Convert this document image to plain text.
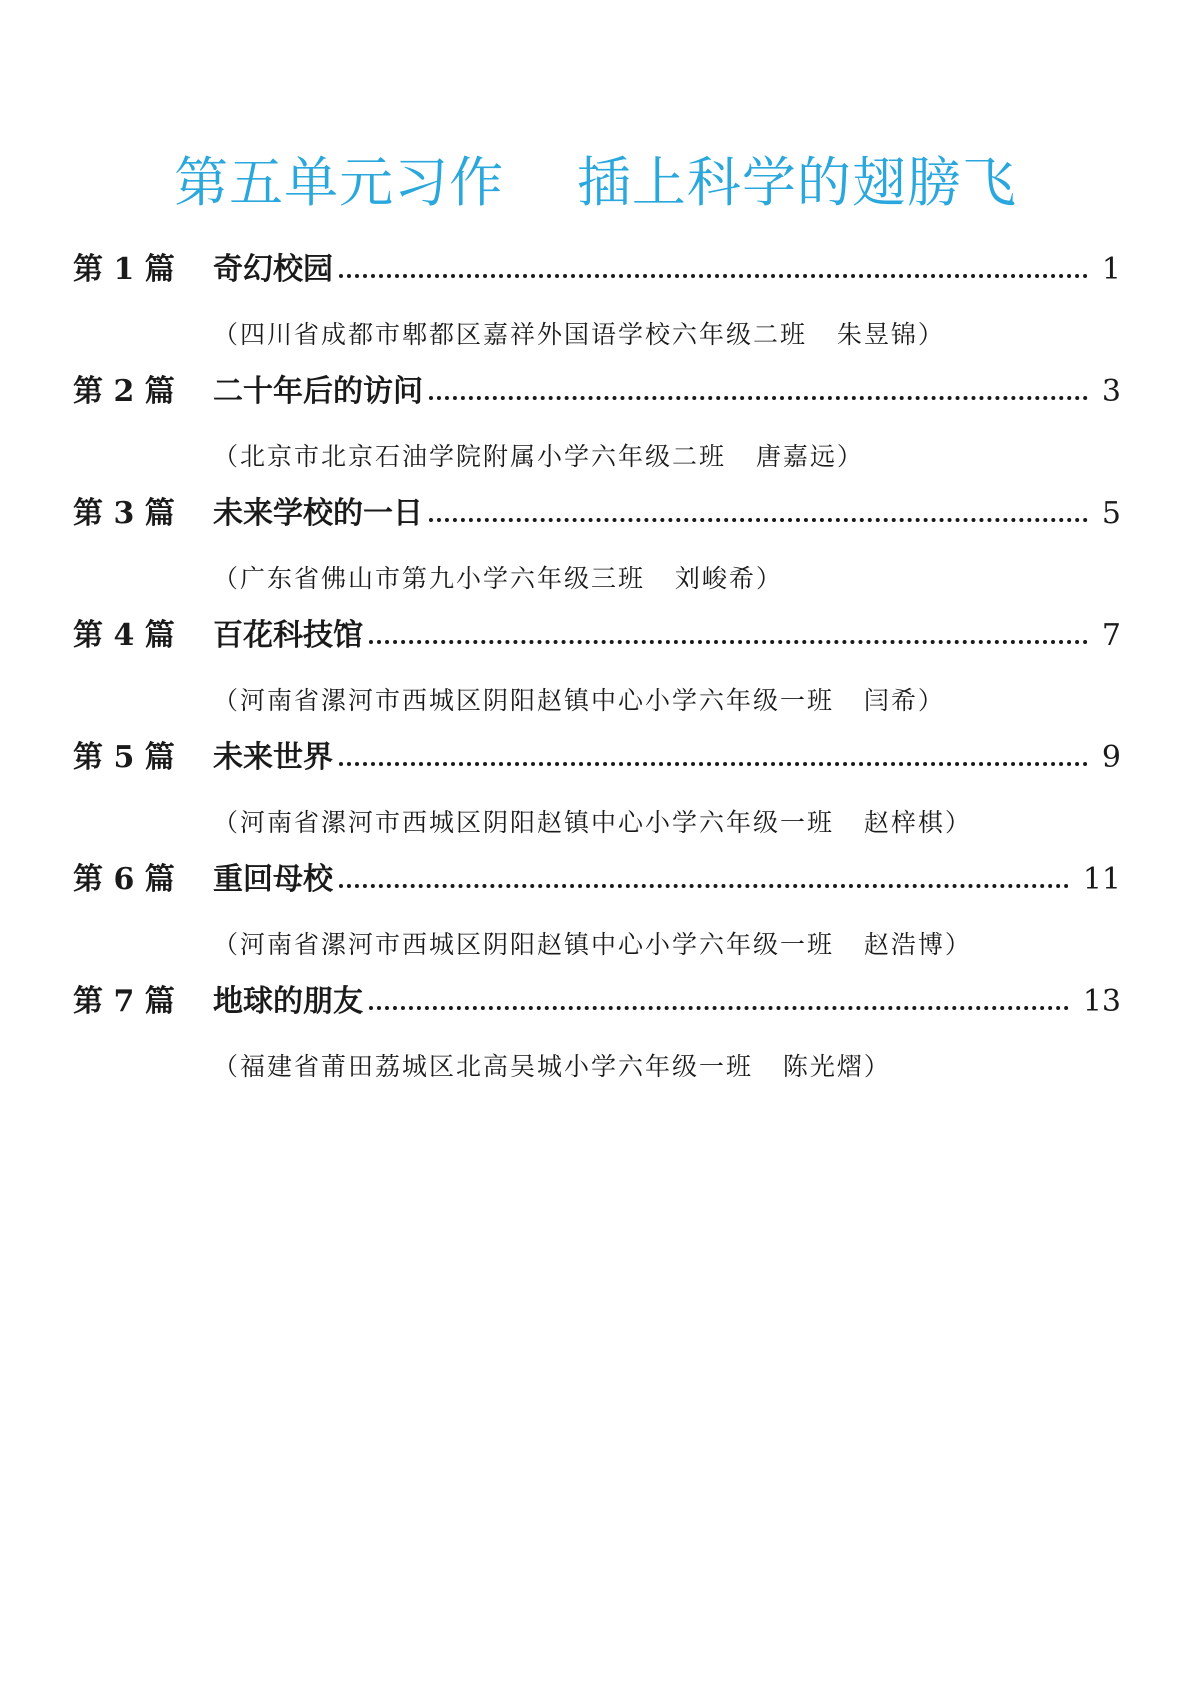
第五单元习作    插上科学的翅膀飞
第 1 篇	奇幻校园	1
（四川省成都市郫都区嘉祥外国语学校六年级二班   朱昱锦）
第 2 篇	二十年后的访问	3
（北京市北京石油学院附属小学六年级二班   唐嘉远）
第 3 篇	未来学校的一日	5
（广东省佛山市第九小学六年级三班   刘峻希）
第 4 篇	百花科技馆	7
（河南省漯河市西城区阴阳赵镇中心小学六年级一班   闫希）
第 5 篇	未来世界	9
（河南省漯河市西城区阴阳赵镇中心小学六年级一班   赵梓棋）
第 6 篇	重回母校	11
（河南省漯河市西城区阴阳赵镇中心小学六年级一班   赵浩博）
第 7 篇	地球的朋友	13
（福建省莆田荔城区北高吴城小学六年级一班   陈光熠）
